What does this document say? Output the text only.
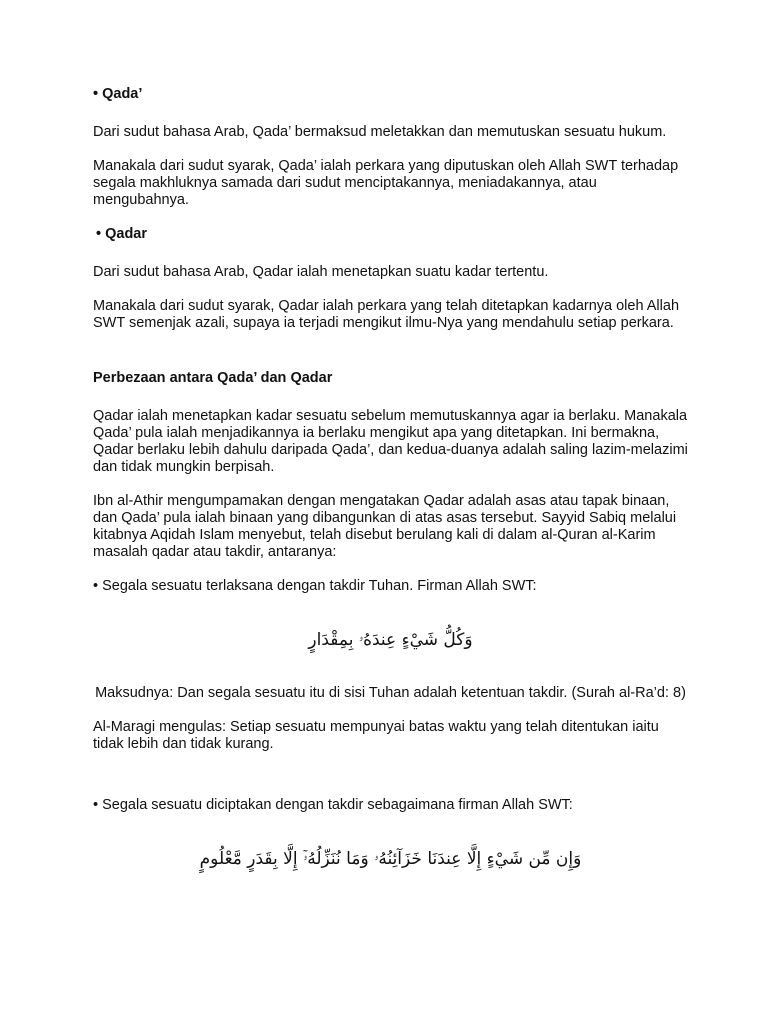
• Qada’

Dari sudut bahasa Arab, Qada’ bermaksud meletakkan dan memutuskan sesuatu hukum.

Manakala dari sudut syarak, Qada’ ialah perkara yang diputuskan oleh Allah SWT terhadap segala makhluknya samada dari sudut menciptakannya, meniadakannya, atau mengubahnya.

• Qadar

Dari sudut bahasa Arab, Qadar ialah menetapkan suatu kadar tertentu.

Manakala dari sudut syarak, Qadar ialah perkara yang telah ditetapkan kadarnya oleh Allah SWT semenjak azali, supaya ia terjadi mengikut ilmu-Nya yang mendahulu setiap perkara.

Perbezaan antara Qada’ dan Qadar

Qadar ialah menetapkan kadar sesuatu sebelum memutuskannya agar ia berlaku. Manakala Qada’ pula ialah menjadikannya ia berlaku mengikut apa yang ditetapkan. Ini bermakna, Qadar berlaku lebih dahulu daripada Qada’, dan kedua-duanya adalah saling lazim-melazimi dan tidak mungkin berpisah.

Ibn al-Athir mengumpamakan dengan mengatakan Qadar adalah asas atau tapak binaan, dan Qada’ pula ialah binaan yang dibangunkan di atas asas tersebut. Sayyid Sabiq melalui kitabnya Aqidah Islam menyebut, telah disebut berulang kali di dalam al-Quran al-Karim masalah qadar atau takdir, antaranya:

• Segala sesuatu terlaksana dengan takdir Tuhan. Firman Allah SWT:

وَكُلُّ شَيْءٍ عِندَهُۥ بِمِقْدَارٍ

Maksudnya: Dan segala sesuatu itu di sisi Tuhan adalah ketentuan takdir. (Surah al-Ra’d: 8)

Al-Maragi mengulas: Setiap sesuatu mempunyai batas waktu yang telah ditentukan iaitu tidak lebih dan tidak kurang.

• Segala sesuatu diciptakan dengan takdir sebagaimana firman Allah SWT:

وَإِن مِّن شَيْءٍ إِلَّا عِندَنَا خَزَآئِنُهُۥ وَمَا نُنَزِّلُهُۥٓ إِلَّا بِقَدَرٍ مَّعْلُومٍ
